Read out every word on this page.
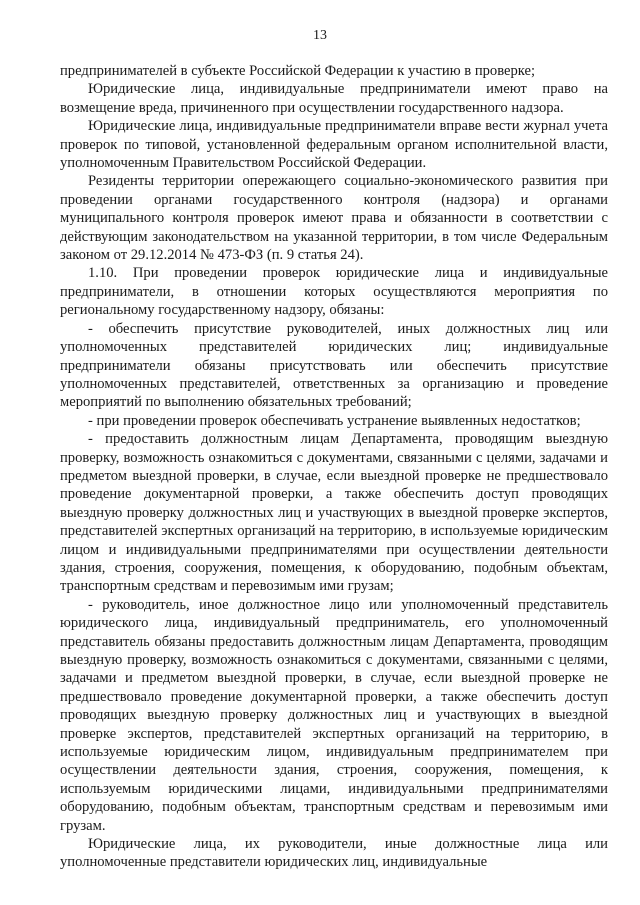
13

предпринимателей в субъекте Российской Федерации к участию в проверке;

Юридические лица, индивидуальные предприниматели имеют право на возмещение вреда, причиненного при осуществлении государственного надзора.

Юридические лица, индивидуальные предприниматели вправе вести журнал учета проверок по типовой, установленной федеральным органом исполнительной власти, уполномоченным Правительством Российской Федерации.

Резиденты территории опережающего социально-экономического развития при проведении органами государственного контроля (надзора) и органами муниципального контроля проверок имеют права и обязанности в соответствии с действующим законодательством на указанной территории, в том числе Федеральным законом от 29.12.2014 № 473-ФЗ (п. 9 статья 24).

1.10. При проведении проверок юридические лица и индивидуальные предприниматели, в отношении которых осуществляются мероприятия по региональному государственному надзору, обязаны:

- обеспечить присутствие руководителей, иных должностных лиц или уполномоченных представителей юридических лиц; индивидуальные предприниматели обязаны присутствовать или обеспечить присутствие уполномоченных представителей, ответственных за организацию и проведение мероприятий по выполнению обязательных требований;

- при проведении проверок обеспечивать устранение выявленных недостатков;

- предоставить должностным лицам Департамента, проводящим выездную проверку, возможность ознакомиться с документами, связанными с целями, задачами и предметом выездной проверки, в случае, если выездной проверке не предшествовало проведение документарной проверки, а также обеспечить доступ проводящих выездную проверку должностных лиц и участвующих в выездной проверке экспертов, представителей экспертных организаций на территорию, в используемые юридическим лицом и индивидуальными предпринимателями при осуществлении деятельности здания, строения, сооружения, помещения, к оборудованию, подобным объектам, транспортным средствам и перевозимым ими грузам;

- руководитель, иное должностное лицо или уполномоченный представитель юридического лица, индивидуальный предприниматель, его уполномоченный представитель обязаны предоставить должностным лицам Департамента, проводящим выездную проверку, возможность ознакомиться с документами, связанными с целями, задачами и предметом выездной проверки, в случае, если выездной проверке не предшествовало проведение документарной проверки, а также обеспечить доступ проводящих выездную проверку должностных лиц и участвующих в выездной проверке экспертов, представителей экспертных организаций на территорию, в используемые юридическим лицом, индивидуальным предпринимателем при осуществлении деятельности здания, строения, сооружения, помещения, к используемым юридическими лицами, индивидуальными предпринимателями оборудованию, подобным объектам, транспортным средствам и перевозимым ими грузам.

Юридические лица, их руководители, иные должностные лица или уполномоченные представители юридических лиц, индивидуальные
